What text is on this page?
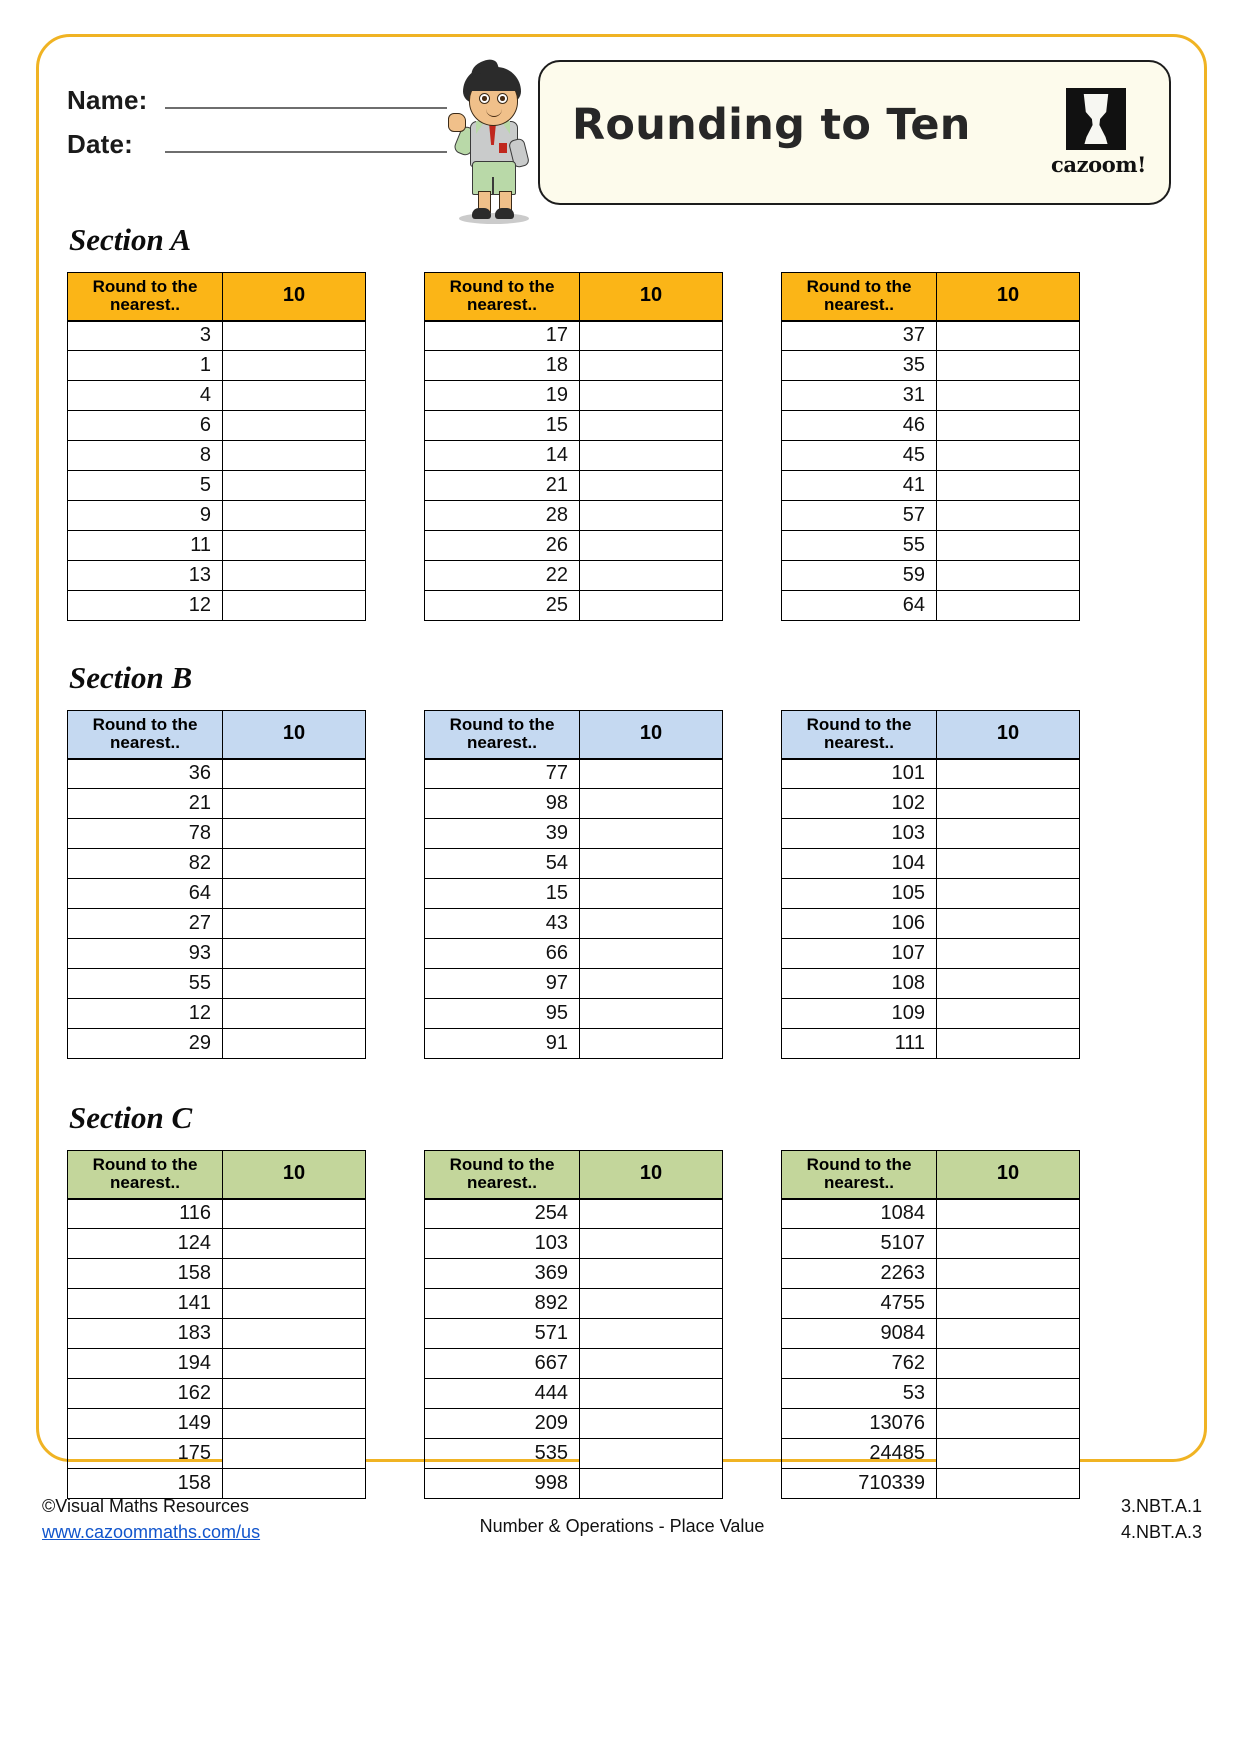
Name:
Date:	Rounding to Ten
cazoom!
Section A
Round to the nearest..	10
3	
1	
4	
6	
8	
5	
9	
11	
13	
12	
Round to the nearest..	10
17	
18	
19	
15	
14	
21	
28	
26	
22	
25	
Round to the nearest..	10
37	
35	
31	
46	
45	
41	
57	
55	
59	
64	
Section B
Round to the nearest..	10
36	
21	
78	
82	
64	
27	
93	
55	
12	
29	
Round to the nearest..	10
77	
98	
39	
54	
15	
43	
66	
97	
95	
91	
Round to the nearest..	10
101	
102	
103	
104	
105	
106	
107	
108	
109	
111	
Section C
Round to the nearest..	10
116	
124	
158	
141	
183	
194	
162	
149	
175	
158	
Round to the nearest..	10
254	
103	
369	
892	
571	
667	
444	
209	
535	
998	
Round to the nearest..	10
1084	
5107	
2263	
4755	
9084	
762	
53	
13076	
24485	
710339	
©Visual Maths Resources
www.cazoommaths.com/us	Number & Operations - Place Value
3.NBT.A.1
4.NBT.A.3
